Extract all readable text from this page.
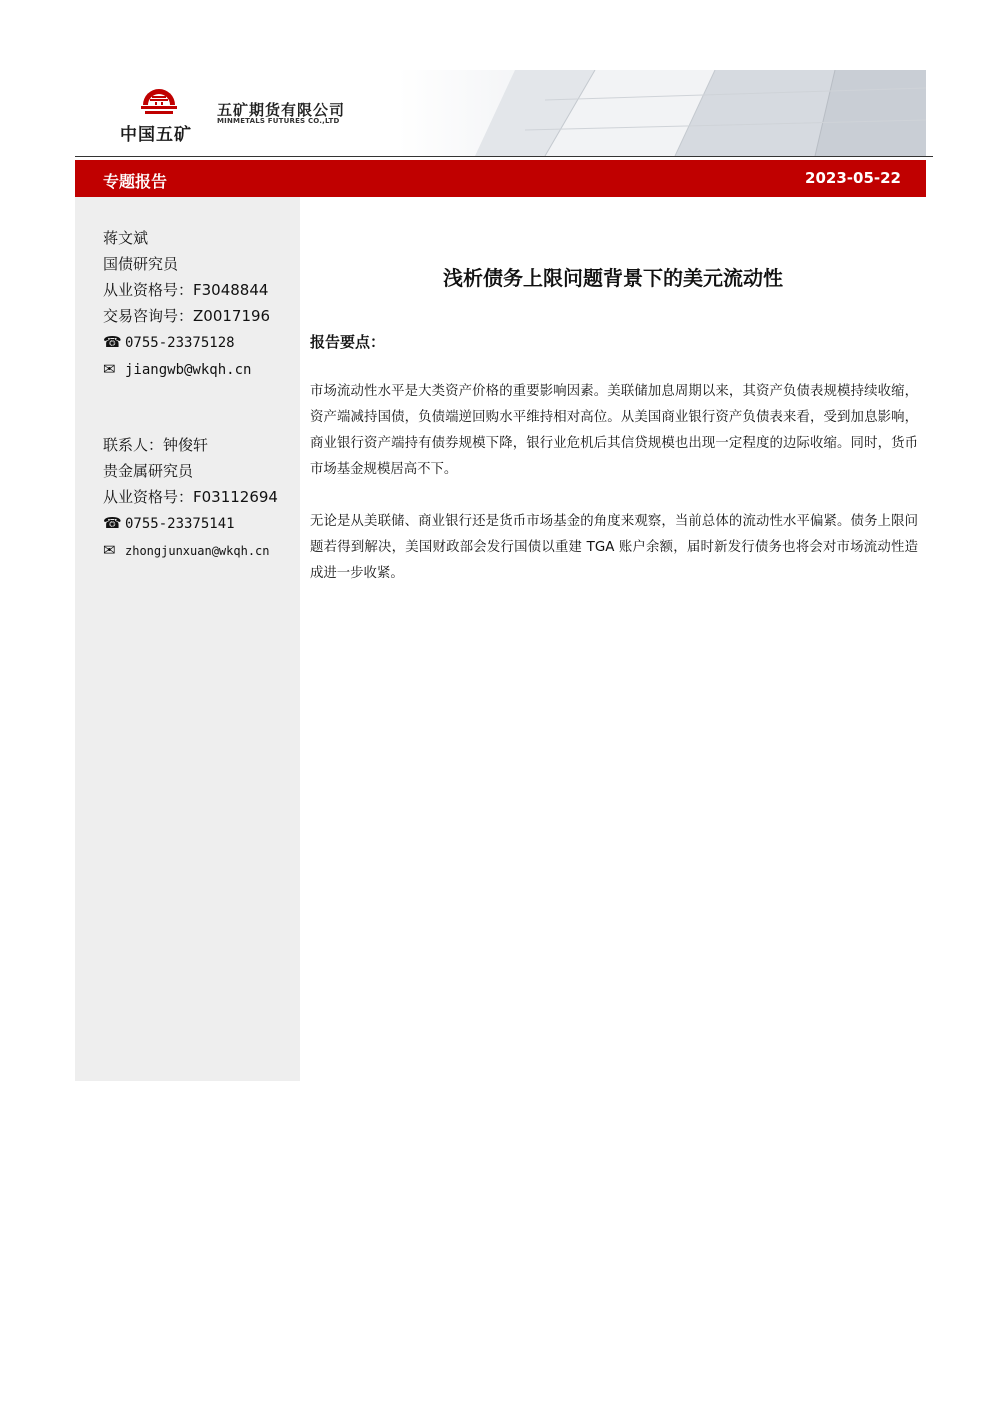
中国五矿
五矿期货有限公司
MINMETALS FUTURES CO.,LTD
专题报告	2023-05-22
蒋文斌
国债研究员
从业资格号：F3048844
交易咨询号：Z0017196
☎ 0755-23375128
✉ jiangwb@wkqh.cn
联系人：钟俊轩
贵金属研究员
从业资格号：F03112694
☎ 0755-23375141
✉ zhongjunxuan@wkqh.cn
浅析债务上限问题背景下的美元流动性
报告要点：

市场流动性水平是大类资产价格的重要影响因素。美联储加息周期以来，其资产负债表规模持续收缩，资产端减持国债，负债端逆回购水平维持相对高位。从美国商业银行资产负债表来看，受到加息影响，商业银行资产端持有债券规模下降，银行业危机后其信贷规模也出现一定程度的边际收缩。同时，货币市场基金规模居高不下。

无论是从美联储、商业银行还是货币市场基金的角度来观察，当前总体的流动性水平偏紧。债务上限问题若得到解决，美国财政部会发行国债以重建 TGA 账户余额，届时新发行债务也将会对市场流动性造成进一步收紧。
